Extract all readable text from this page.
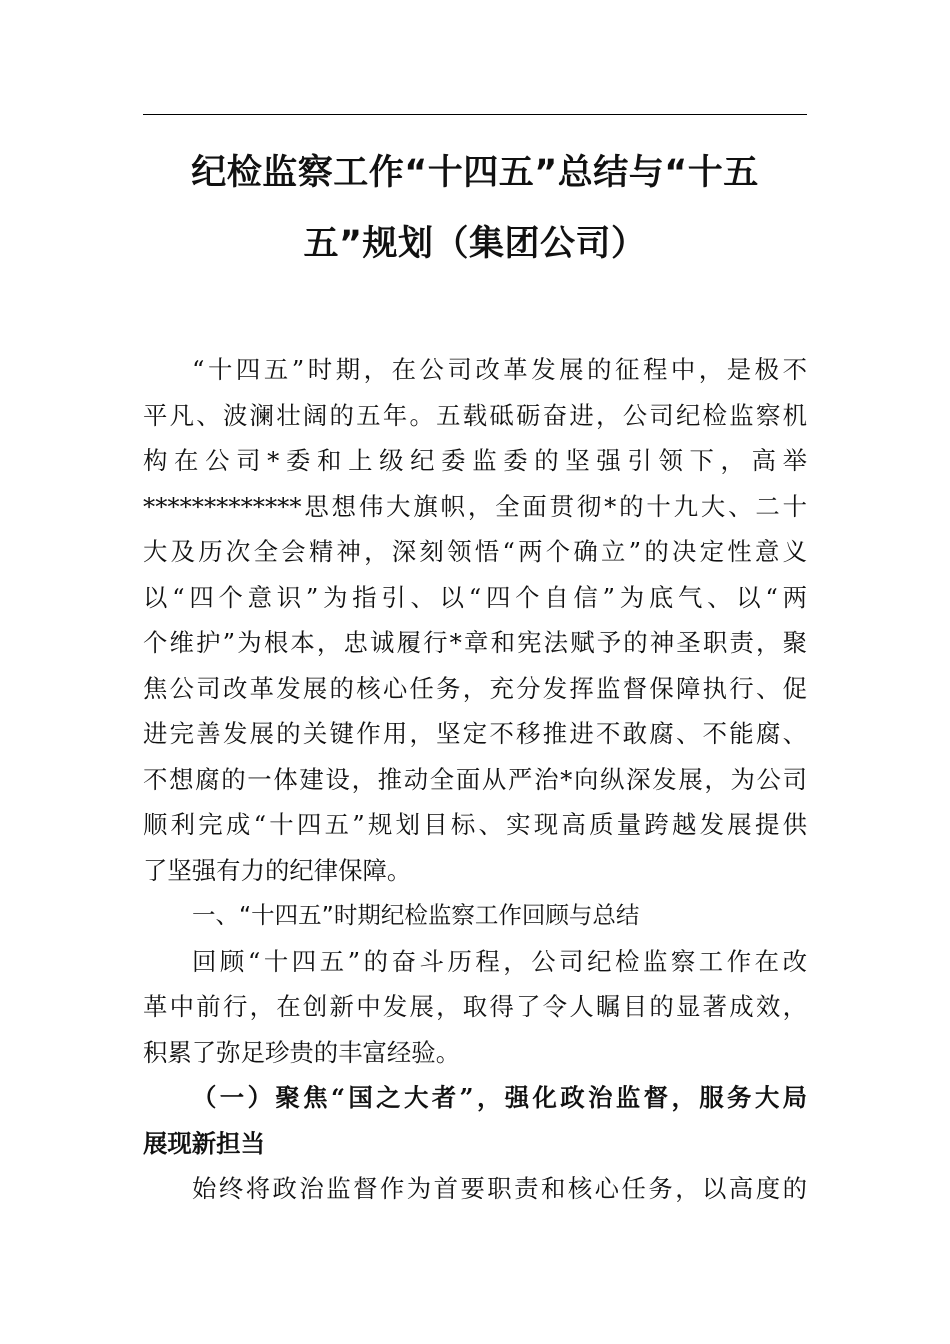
纪检监察工作“十四五”总结与“十五
五”规划（集团公司）
“十四五”时期，在公司改革发展的征程中，是极不
平凡、波澜壮阔的五年。五载砥砺奋进，公司纪检监察机
构在公司*委和上级纪委监委的坚强引领下，高举
*************思想伟大旗帜，全面贯彻*的十九大、二十
大及历次全会精神，深刻领悟“两个确立”的决定性意义
以“四个意识”为指引、以“四个自信”为底气、以“两
个维护”为根本，忠诚履行*章和宪法赋予的神圣职责，聚
焦公司改革发展的核心任务，充分发挥监督保障执行、促
进完善发展的关键作用，坚定不移推进不敢腐、不能腐、
不想腐的一体建设，推动全面从严治*向纵深发展，为公司
顺利完成“十四五”规划目标、实现高质量跨越发展提供
了坚强有力的纪律保障。
一、“十四五”时期纪检监察工作回顾与总结
回顾“十四五”的奋斗历程，公司纪检监察工作在改
革中前行，在创新中发展，取得了令人瞩目的显著成效，
积累了弥足珍贵的丰富经验。
（一）聚焦“国之大者”，强化政治监督，服务大局
展现新担当
始终将政治监督作为首要职责和核心任务，以高度的
